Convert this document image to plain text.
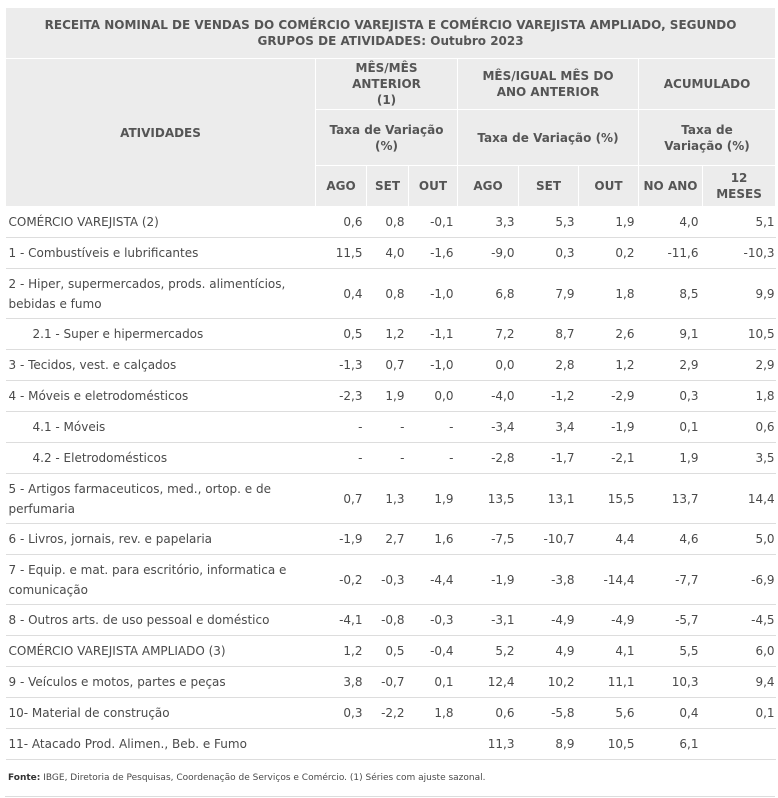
RECEITA NOMINAL DE VENDAS DO COMÉRCIO VAREJISTA E COMÉRCIO VAREJISTA AMPLIADO, SEGUNDO GRUPOS DE ATIVIDADES: Outubro 2023								
ATIVIDADES	MÊS/MÊS ANTERIOR (1)			MÊS/IGUAL MÊS DO ANO ANTERIOR			ACUMULADO	
	Taxa de Variação (%)			Taxa de Variação (%)			Taxa de Variação (%)	
	AGO	SET	OUT	AGO	SET	OUT	NO ANO	12 MESES
COMÉRCIO VAREJISTA (2)	0,6	0,8	-0,1	3,3	5,3	1,9	4,0	5,1
1 - Combustíveis e lubrificantes	11,5	4,0	-1,6	-9,0	0,3	0,2	-11,6	-10,3
2 - Hiper, supermercados, prods. alimentícios, bebidas e fumo	0,4	0,8	-1,0	6,8	7,9	1,8	8,5	9,9
2.1 - Super e hipermercados	0,5	1,2	-1,1	7,2	8,7	2,6	9,1	10,5
3 - Tecidos, vest. e calçados	-1,3	0,7	-1,0	0,0	2,8	1,2	2,9	2,9
4 - Móveis e eletrodomésticos	-2,3	1,9	0,0	-4,0	-1,2	-2,9	0,3	1,8
4.1 - Móveis	-	-	-	-3,4	3,4	-1,9	0,1	0,6
4.2 - Eletrodomésticos	-	-	-	-2,8	-1,7	-2,1	1,9	3,5
5 - Artigos farmaceuticos, med., ortop. e de perfumaria	0,7	1,3	1,9	13,5	13,1	15,5	13,7	14,4
6 - Livros, jornais, rev. e papelaria	-1,9	2,7	1,6	-7,5	-10,7	4,4	4,6	5,0
7 - Equip. e mat. para escritório, informatica e comunicação	-0,2	-0,3	-4,4	-1,9	-3,8	-14,4	-7,7	-6,9
8 - Outros arts. de uso pessoal e doméstico	-4,1	-0,8	-0,3	-3,1	-4,9	-4,9	-5,7	-4,5
COMÉRCIO VAREJISTA AMPLIADO (3)	1,2	0,5	-0,4	5,2	4,9	4,1	5,5	6,0
9 - Veículos e motos, partes e peças	3,8	-0,7	0,1	12,4	10,2	11,1	10,3	9,4
10- Material de construção	0,3	-2,2	1,8	0,6	-5,8	5,6	0,4	0,1
11- Atacado Prod. Alimen., Beb. e Fumo				11,3	8,9	10,5	6,1	
Fonte: IBGE, Diretoria de Pesquisas, Coordenação de Serviços e Comércio. (1) Séries com ajuste sazonal.
